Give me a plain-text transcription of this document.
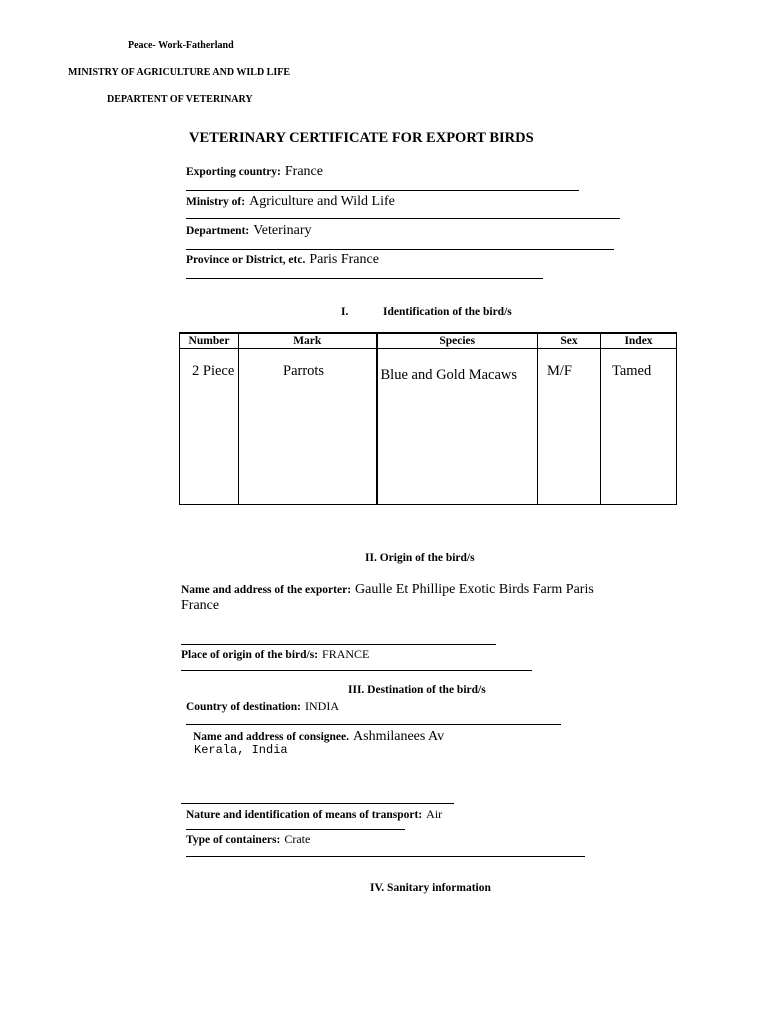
Peace- Work-Fatherland
MINISTRY OF AGRICULTURE AND WILD LIFE
DEPARTENT OF VETERINARY
VETERINARY CERTIFICATE FOR EXPORT BIRDS
Exporting country: France
Ministry of: Agriculture and Wild Life
Department: Veterinary
Province or District, etc. Paris France
I.	Identification of the bird/s
Number	Mark	Species	Sex	Index
2 Piece	Parrots	Blue and Gold Macaws	M/F	Tamed
II. Origin of the bird/s
Name and address of the exporter: Gaulle Et Phillipe Exotic Birds Farm Paris
France
Place of origin of the bird/s: FRANCE
III. Destination of the bird/s
Country of destination: INDIA
Name and address of consignee. Ashmilanees Av
Kerala, India
Nature and identification of means of transport: Air
Type of containers: Crate
IV. Sanitary information
